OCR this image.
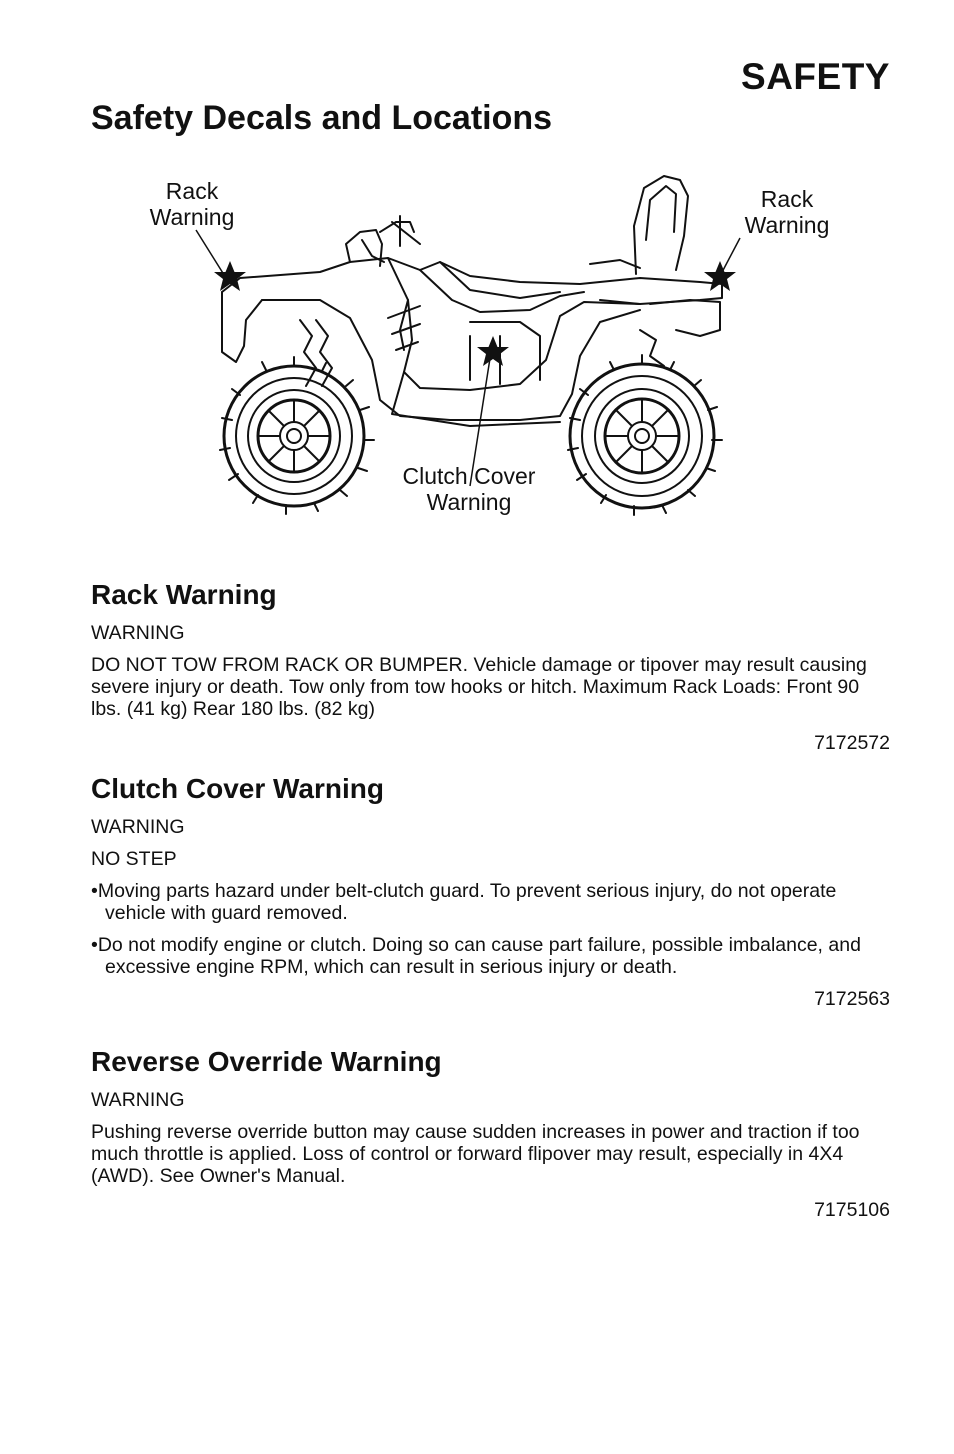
SAFETY
Safety Decals and Locations
Rack
Warning
Rack
Warning
Clutch Cover
Warning
Rack Warning

WARNING

DO NOT TOW FROM RACK OR BUMPER. Vehicle damage or tipover may result causing severe injury or death. Tow only from tow hooks or hitch. Maximum Rack Loads: Front 90 lbs. (41 kg) Rear 180 lbs. (82 kg)

7172572

Clutch Cover Warning

WARNING

NO STEP

• Moving parts hazard under belt-clutch guard. To prevent serious injury, do not operate vehicle with guard removed.
• Do not modify engine or clutch. Doing so can cause part failure, possible imbalance, and excessive engine RPM, which can result in serious injury or death.

7172563

Reverse Override Warning

WARNING

Pushing reverse override button may cause sudden increases in power and traction if too much throttle is applied. Loss of control or forward flipover may result, especially in 4X4 (AWD). See Owner's Manual.

7175106
